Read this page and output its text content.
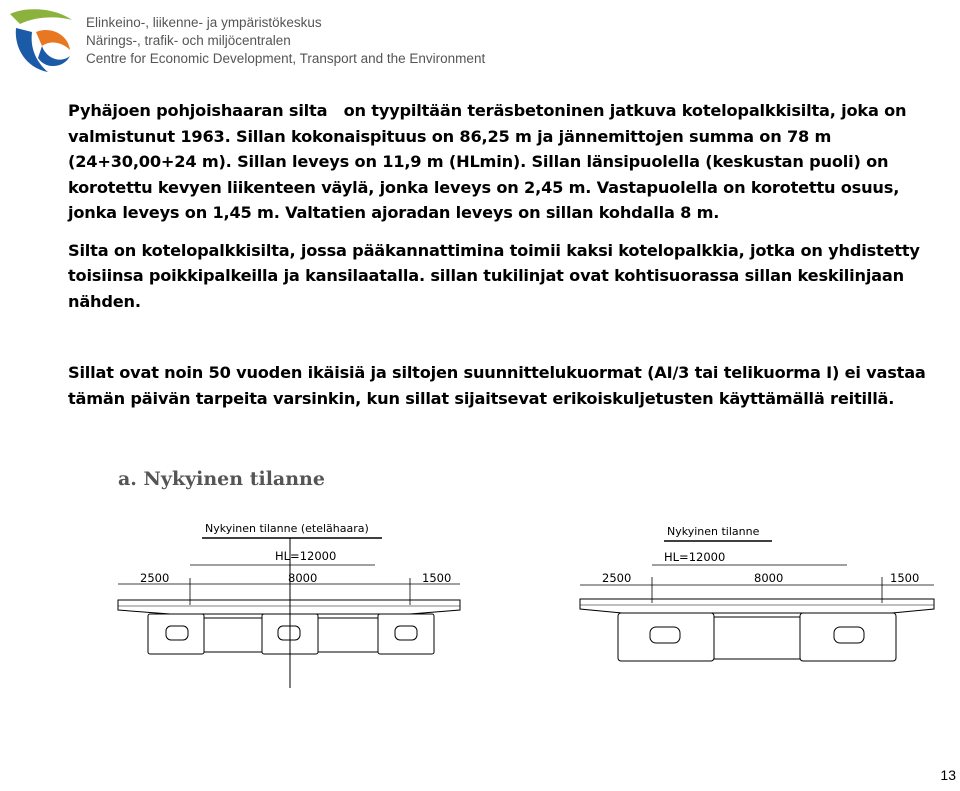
Elinkeino-, liikenne- ja ympäristökeskus
Närings-, trafik- och miljöcentralen
Centre for Economic Development, Transport and the Environment

Pyhäjoen pohjoishaaran silta on tyypiltään teräsbetoninen jatkuva kotelopalkkisilta, joka on valmistunut 1963. Sillan kokonaispituus on 86,25 m ja jännemittojen summa on 78 m (24+30,00+24 m). Sillan leveys on 11,9 m (HLmin). Sillan länsipuolella (keskustan puoli) on korotettu kevyen liikenteen väylä, jonka leveys on 2,45 m. Vastapuolella on korotettu osuus, jonka leveys on 1,45 m. Valtatien ajoradan leveys on sillan kohdalla 8 m.

Silta on kotelopalkkisilta, jossa pääkannattimina toimii kaksi kotelopalkkia, jotka on yhdistetty toisiinsa poikkipalkeilla ja kansilaatalla. sillan tukilinjat ovat kohtisuorassa sillan keskilinjaan nähden.

Sillat ovat noin 50 vuoden ikäisiä ja siltojen suunnittelukuormat (AI/3 tai telikuorma I) ei vastaa tämän päivän tarpeita varsinkin, kun sillat sijaitsevat erikoiskuljetusten käyttämällä reitillä.

a. Nykyinen tilanne
Nykyinen tilanne (etelähaara)
HL=12000
2500	8000	1500
Nykyinen tilanne
HL=12000
2500	8000	1500
13
